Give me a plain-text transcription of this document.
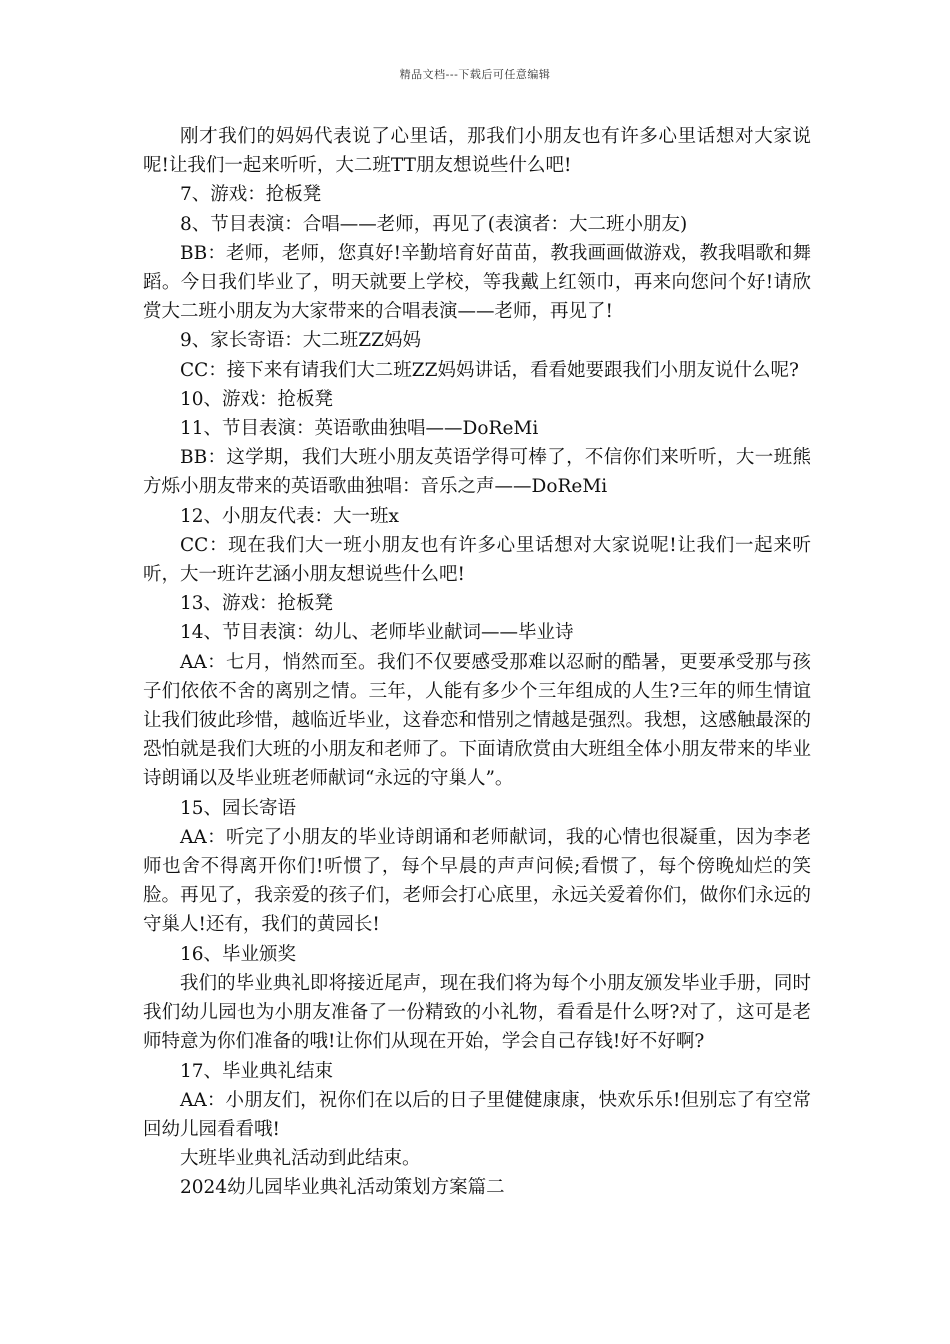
精品文档---下载后可任意编辑

刚才我们的妈妈代表说了心里话，那我们小朋友也有许多心里话想对大家说呢!让我们一起来听听，大二班TT朋友想说些什么吧!

7、游戏：抢板凳

8、节目表演：合唱——老师，再见了(表演者：大二班小朋友)

BB：老师，老师，您真好!辛勤培育好苗苗，教我画画做游戏，教我唱歌和舞蹈。今日我们毕业了，明天就要上学校，等我戴上红领巾，再来向您问个好!请欣赏大二班小朋友为大家带来的合唱表演——老师，再见了!

9、家长寄语：大二班ZZ妈妈

CC：接下来有请我们大二班ZZ妈妈讲话，看看她要跟我们小朋友说什么呢?

10、游戏：抢板凳

11、节目表演：英语歌曲独唱——DoReMi

BB：这学期，我们大班小朋友英语学得可棒了，不信你们来听听，大一班熊方烁小朋友带来的英语歌曲独唱：音乐之声——DoReMi

12、小朋友代表：大一班x

CC：现在我们大一班小朋友也有许多心里话想对大家说呢!让我们一起来听听，大一班许艺涵小朋友想说些什么吧!

13、游戏：抢板凳

14、节目表演：幼儿、老师毕业献词——毕业诗

AA：七月，悄然而至。我们不仅要感受那难以忍耐的酷暑，更要承受那与孩子们依依不舍的离别之情。三年，人能有多少个三年组成的人生?三年的师生情谊让我们彼此珍惜，越临近毕业，这眷恋和惜别之情越是强烈。我想，这感触最深的恐怕就是我们大班的小朋友和老师了。下面请欣赏由大班组全体小朋友带来的毕业诗朗诵以及毕业班老师献词“永远的守巢人”。

15、园长寄语

AA：听完了小朋友的毕业诗朗诵和老师献词，我的心情也很凝重，因为李老师也舍不得离开你们!听惯了，每个早晨的声声问候;看惯了，每个傍晚灿烂的笑脸。再见了，我亲爱的孩子们，老师会打心底里，永远关爱着你们，做你们永远的守巢人!还有，我们的黄园长!

16、毕业颁奖

我们的毕业典礼即将接近尾声，现在我们将为每个小朋友颁发毕业手册，同时我们幼儿园也为小朋友准备了一份精致的小礼物，看看是什么呀?对了，这可是老师特意为你们准备的哦!让你们从现在开始，学会自己存钱!好不好啊?

17、毕业典礼结束

AA：小朋友们，祝你们在以后的日子里健健康康，快欢乐乐!但别忘了有空常回幼儿园看看哦!

大班毕业典礼活动到此结束。

2024幼儿园毕业典礼活动策划方案篇二
